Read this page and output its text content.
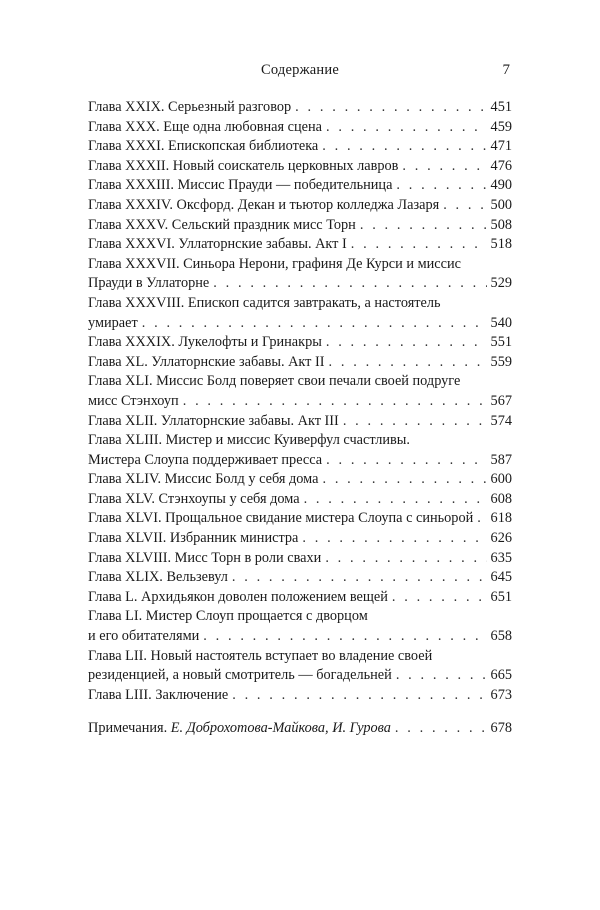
Содержание	7
Глава XXIX. Серьезный разговор . . .	451
Глава XXX. Еще одна любовная сцена . . .	459
Глава XXXI. Епископская библиотека . . .	471
Глава XXXII. Новый соискатель церковных лавров . . .	476
Глава XXXIII. Миссис Прауди — победительница . . .	490
Глава XXXIV. Оксфорд. Декан и тьютор колледжа Лазаря . . .	500
Глава XXXV. Сельский праздник мисс Торн . . .	508
Глава XXXVI. Уллаторнские забавы. Акт I . . .	518
Глава XXXVII. Синьора Нерони, графиня Де Курси и миссис
Прауди в Уллаторне . . .	529
Глава XXXVIII. Епископ садится завтракать, а настоятель
умирает . . .	540
Глава XXXIX. Лукелофты и Гринакры . . .	551
Глава XL. Уллаторнские забавы. Акт II . . .	559
Глава XLI. Миссис Болд поверяет свои печали своей подруге
мисс Стэнхоуп . . .	567
Глава XLII. Уллаторнские забавы. Акт III . . .	574
Глава XLIII. Мистер и миссис Куиверфул счастливы.
Мистера Слоупа поддерживает пресса . . .	587
Глава XLIV. Миссис Болд у себя дома . . .	600
Глава XLV. Стэнхоупы у себя дома . . .	608
Глава XLVI. Прощальное свидание мистера Слоупа с синьорой . . . 618
Глава XLVII. Избранник министра . . .	626
Глава XLVIII. Мисс Торн в роли свахи . . .	635
Глава XLIX. Вельзевул . . .	645
Глава L. Архидьякон доволен положением вещей . . .	651
Глава LI. Мистер Слоуп прощается с дворцом
и его обитателями . . .	658
Глава LII. Новый настоятель вступает во владение своей
резиденцией, а новый смотритель — богадельней . . .	665
Глава LIII. Заключение . . .	673
Примечания.
Е. Доброхотова-Майкова, И. Гурова . . .	678
